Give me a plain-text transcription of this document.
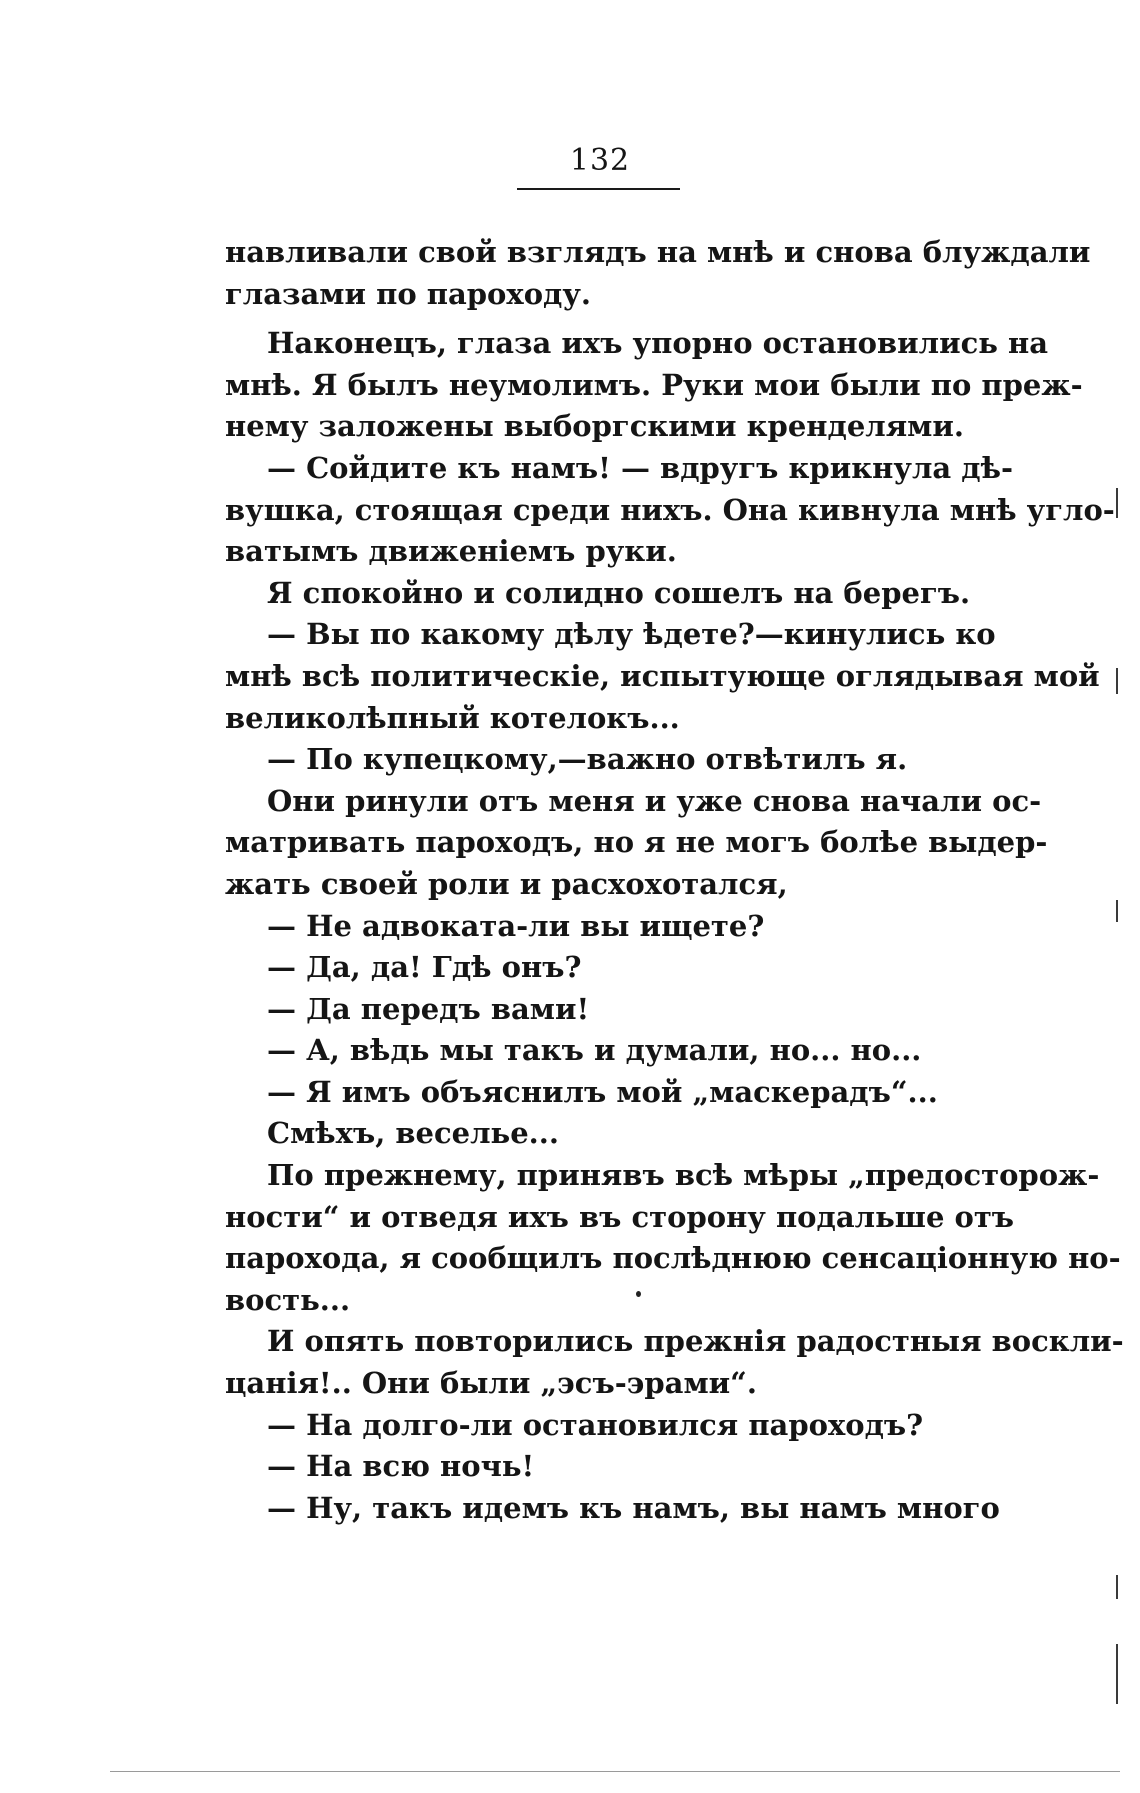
132
навливали свой взглядъ на мнѣ и снова блуждали
глазами по пароходу.
Наконецъ, глаза ихъ упорно остановились на
мнѣ. Я былъ неумолимъ. Руки мои были по преж-
нему заложены выборгскими кренделями.
— Сойдите къ намъ! — вдругъ крикнула дѣ-
вушка, стоящая среди нихъ. Она кивнула мнѣ угло-
ватымъ движеніемъ руки.
Я спокойно и солидно сошелъ на берегъ.
— Вы по какому дѣлу ѣдете?—кинулись ко
мнѣ всѣ политическіе, испытующе оглядывая мой
великолѣпный котелокъ...
— По купецкому,—важно отвѣтилъ я.
Они ринули отъ меня и уже снова начали ос-
матривать пароходъ, но я не могъ болѣе выдер-
жать своей роли и расхохотался,
— Не адвоката-ли вы ищете?
— Да, да! Гдѣ онъ?
— Да передъ вами!
— А, вѣдь мы такъ и думали, но... но...
— Я имъ объяснилъ мой „маскерадъ“...
Смѣхъ, веселье...
По прежнему, принявъ всѣ мѣры „предосторож-
ности“ и отведя ихъ въ сторону подальше отъ
парохода, я сообщилъ послѣднюю сенсаціонную но-
вость...
И опять повторились прежнія радостныя воскли-
цанія!.. Они были „эсъ-эрами“.
— На долго-ли остановился пароходъ?
— На всю ночь!
— Ну, такъ идемъ къ намъ, вы намъ много
